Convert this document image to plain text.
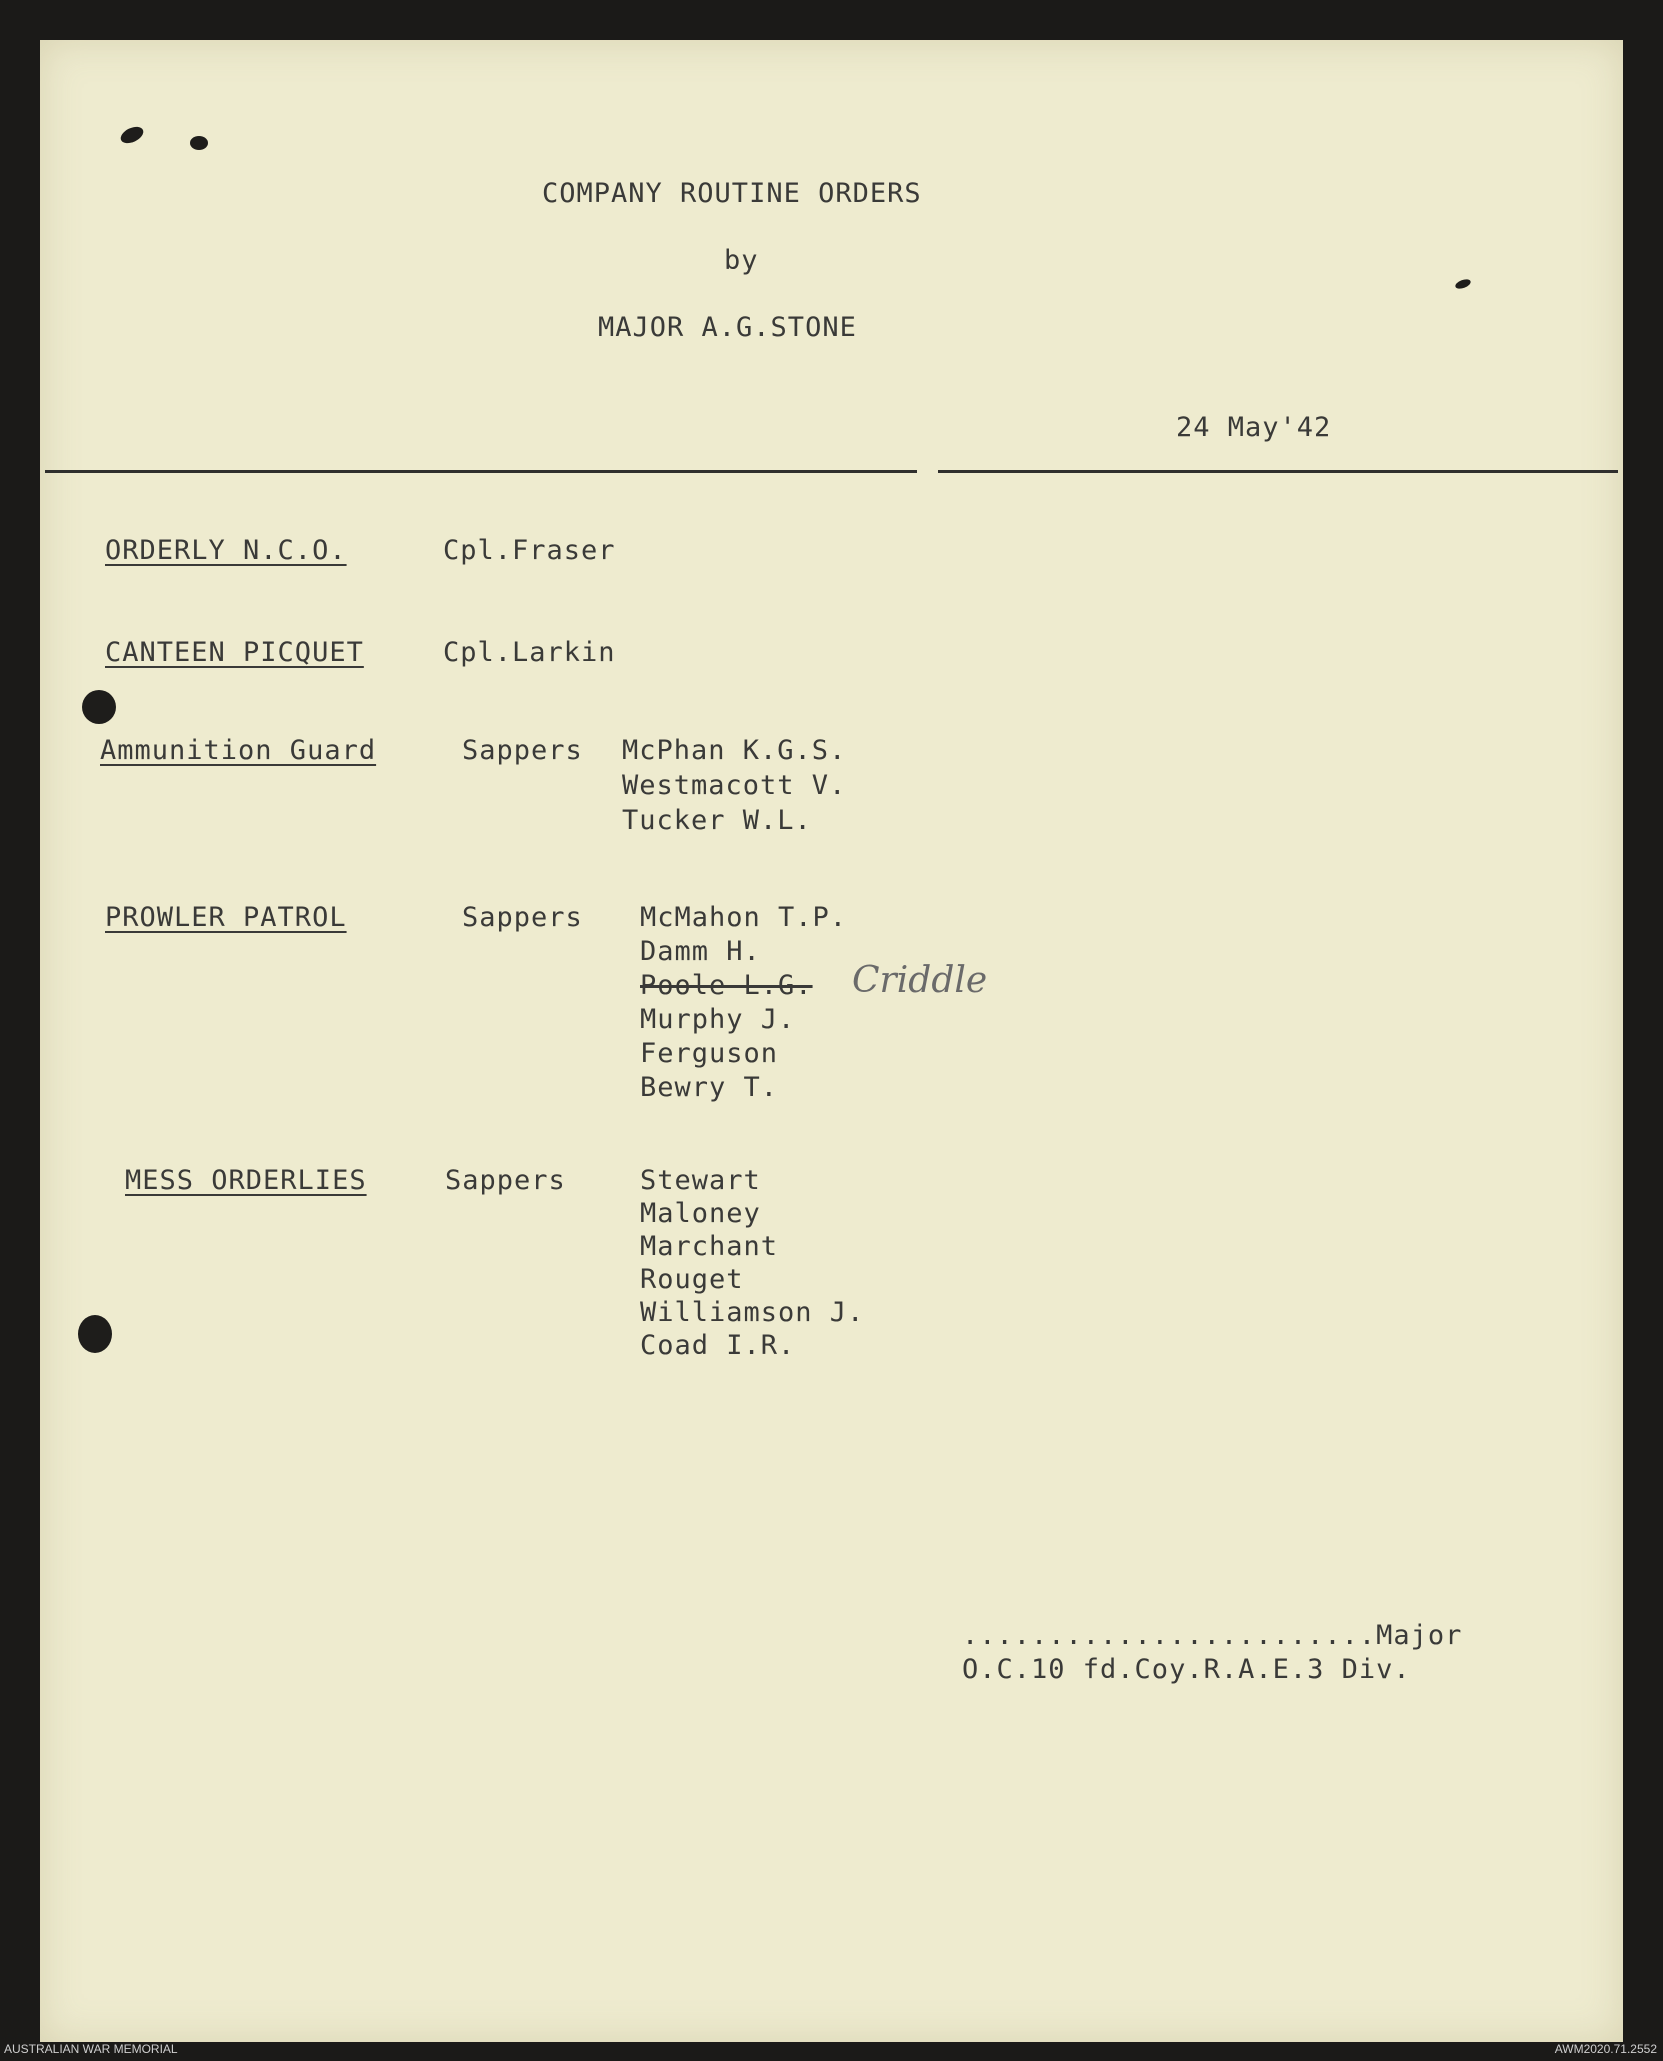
COMPANY ROUTINE ORDERS
by
MAJOR A.G.STONE
24 May'42
ORDERLY N.C.O.	Cpl.Fraser
CANTEEN PICQUET	Cpl.Larkin
Ammunition Guard	Sappers McPhan K.G.S.
Westmacott V.
Tucker W.L.
PROWLER PATROL	Sappers McMahon T.P.
Damm H.
Poole L.G. Criddle
Murphy J.
Ferguson
Bewry T.
MESS ORDERLIES	Sappers	Stewart
Maloney
Marchant
Rouget
Williamson J.
Coad I.R.
........................Major
O.C.10 fd.Coy.R.A.E.3 Div.
AUSTRALIAN WAR MEMORIAL	AWM2020.71.2552
